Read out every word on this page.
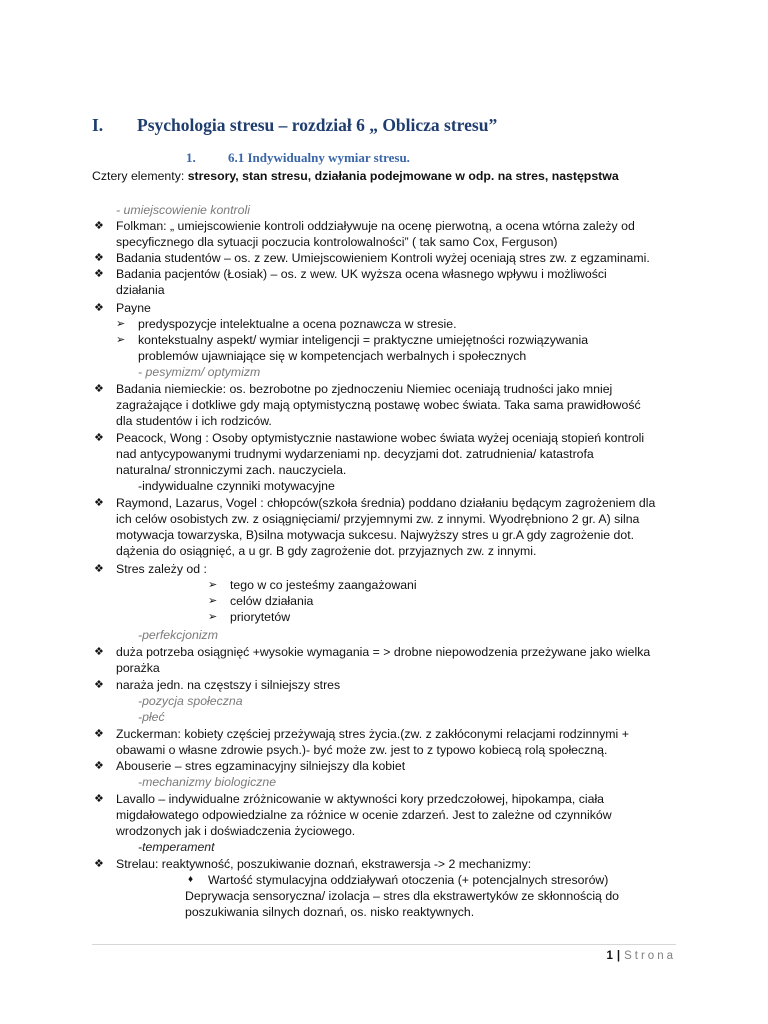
I. Psychologia stresu – rozdział 6 „ Oblicza stresu”
1. 6.1 Indywidualny wymiar stresu.
Cztery elementy: stresory, stan stresu, działania podejmowane w odp. na stres, następstwa
- umiejscowienie kontroli
❖ Folkman: „ umiejscowienie kontroli oddziaływuje na ocenę pierwotną, a ocena wtórna zależy od
specyficznego dla sytuacji poczucia kontrolowalności” ( tak samo Cox, Ferguson)
❖ Badania studentów – os. z zew. Umiejscowieniem Kontroli wyżej oceniają stres zw. z egzaminami.
❖ Badania pacjentów (Łosiak) – os. z wew. UK wyższa ocena własnego wpływu i możliwości
działania
❖ Payne
➢ predyspozycje intelektualne a ocena poznawcza w stresie.
➢ kontekstualny aspekt/ wymiar inteligencji = praktyczne umiejętności rozwiązywania
problemów ujawniające się w kompetencjach werbalnych i społecznych
- pesymizm/ optymizm
❖ Badania niemieckie: os. bezrobotne po zjednoczeniu Niemiec oceniają trudności jako mniej
zagrażające i dotkliwe gdy mają optymistyczną postawę wobec świata. Taka sama prawidłowość
dla studentów i ich rodziców.
❖ Peacock, Wong : Osoby optymistycznie nastawione wobec świata wyżej oceniają stopień kontroli
nad antycypowanymi trudnymi wydarzeniami np. decyzjami dot. zatrudnienia/ katastrofa
naturalna/ stronniczymi zach. nauczyciela.
-indywidualne czynniki motywacyjne
❖ Raymond, Lazarus, Vogel : chłopców(szkoła średnia) poddano działaniu będącym zagrożeniem dla
ich celów osobistych zw. z osiągnięciami/ przyjemnymi zw. z innymi. Wyodrębniono 2 gr. A) silna
motywacja towarzyska, B)silna motywacja sukcesu. Najwyższy stres u gr.A gdy zagrożenie dot.
dążenia do osiągnięć, a u gr. B gdy zagrożenie dot. przyjaznych zw. z innymi.
❖ Stres zależy od :
➢ tego w co jesteśmy zaangażowani
➢ celów działania
➢ priorytetów
-perfekcjonizm
❖ duża potrzeba osiągnięć +wysokie wymagania = > drobne niepowodzenia przeżywane jako wielka
porażka
❖ naraża jedn. na częstszy i silniejszy stres
-pozycja społeczna
-płeć
❖ Zuckerman: kobiety częściej przeżywają stres życia.(zw. z zakłóconymi relacjami rodzinnymi +
obawami o własne zdrowie psych.)- być może zw. jest to z typowo kobiecą rolą społeczną.
❖ Abouserie – stres egzaminacyjny silniejszy dla kobiet
-mechanizmy biologiczne
❖ Lavallo – indywidualne zróżnicowanie w aktywności kory przedczołowej, hipokampa, ciała
migdałowatego odpowiedzialne za różnice w ocenie zdarzeń. Jest to zależne od czynników
wrodzonych jak i doświadczenia życiowego.
-temperament
❖ Strelau: reaktywność, poszukiwanie doznań, ekstrawersja -> 2 mechanizmy:
♦ Wartość stymulacyjna oddziaływań otoczenia (+ potencjalnych stresorów)
Deprywacja sensoryczna/ izolacja – stres dla ekstrawertyków ze skłonnością do
poszukiwania silnych doznań, os. nisko reaktywnych.
1 | Strona
